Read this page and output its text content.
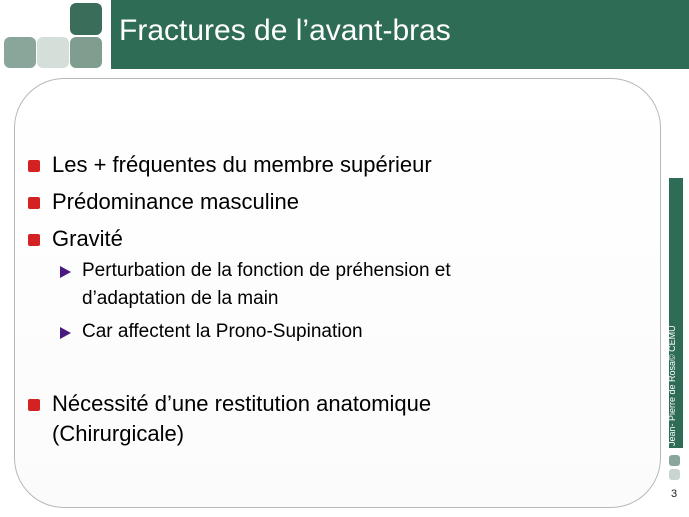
Fractures de l’avant-bras
Les + fréquentes du membre supérieur
Prédominance masculine
Gravité
Perturbation de la fonction de préhension et
d’adaptation de la main
Car affectent la Prono-Supination
Nécessité d’une restitution anatomique
(Chirurgicale)	Jean- Pierre de Rosa© CEMU
3
